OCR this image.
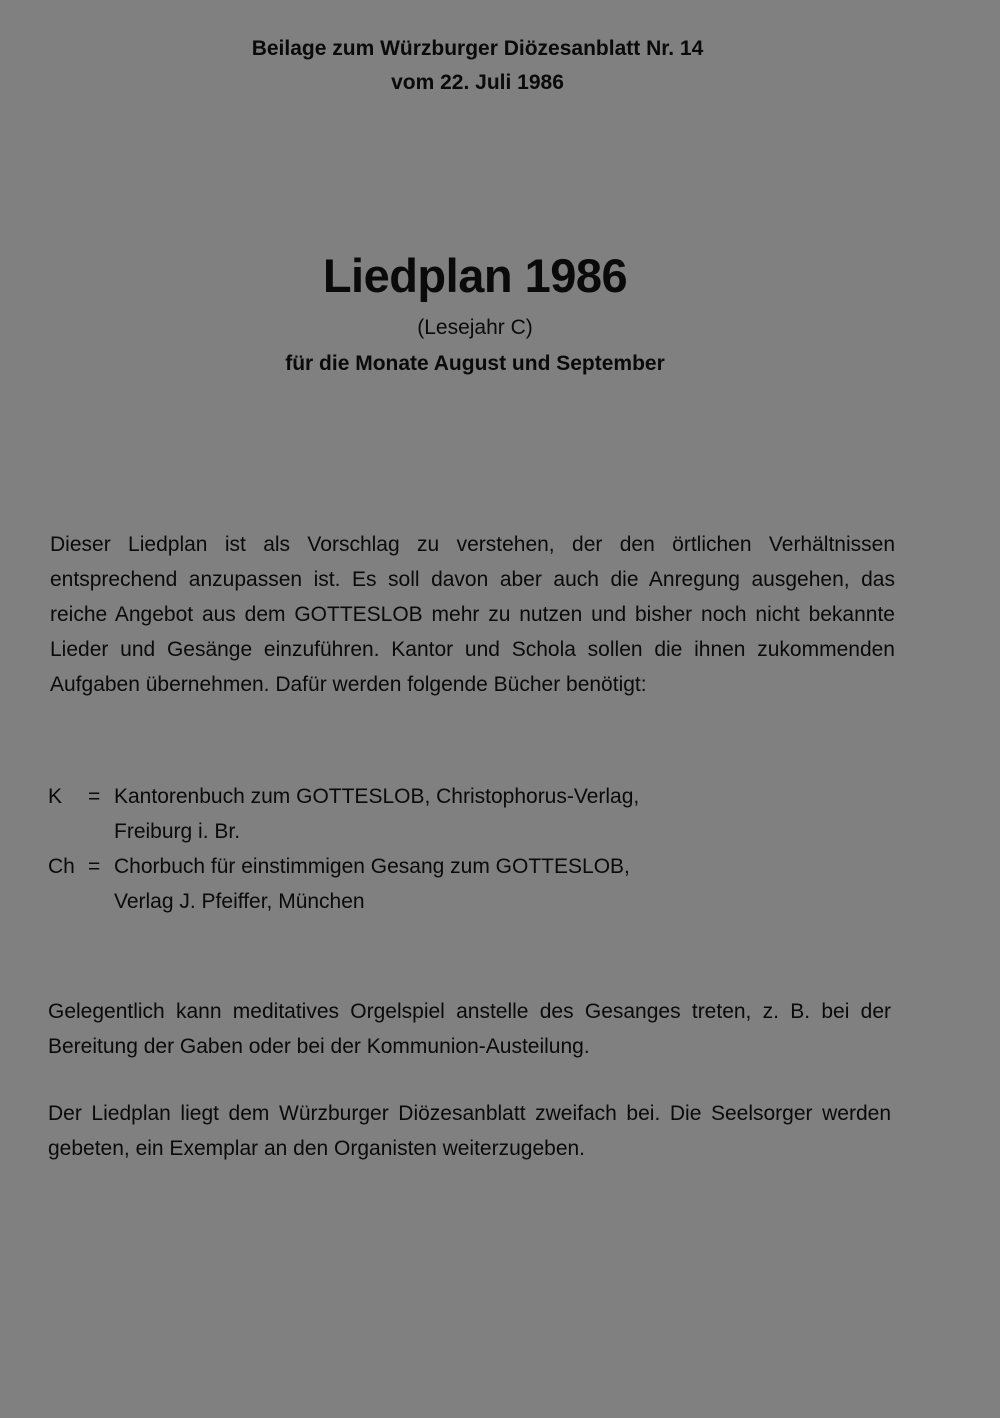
Beilage zum Würzburger Diözesanblatt Nr. 14
vom 22. Juli 1986
Liedplan 1986
(Lesejahr C)
für die Monate August und September
Dieser Liedplan ist als Vorschlag zu verstehen, der den örtlichen Verhältnissen entsprechend anzupassen ist. Es soll davon aber auch die Anregung ausgehen, das reiche Angebot aus dem GOTTESLOB mehr zu nutzen und bisher noch nicht bekannte Lieder und Gesänge einzuführen. Kantor und Schola sollen die ihnen zukommenden Aufgaben übernehmen. Dafür werden folgende Bücher benötigt:
K	= Kantorenbuch zum GOTTESLOB, Christophorus-Verlag,
Freiburg i. Br.
Ch = Chorbuch für einstimmigen Gesang zum GOTTESLOB,
Verlag J. Pfeiffer, München
Gelegentlich kann meditatives Orgelspiel anstelle des Gesanges treten, z. B. bei der Bereitung der Gaben oder bei der Kommunion-Austeilung.
Der Liedplan liegt dem Würzburger Diözesanblatt zweifach bei. Die Seelsorger werden gebeten, ein Exemplar an den Organisten weiterzugeben.
